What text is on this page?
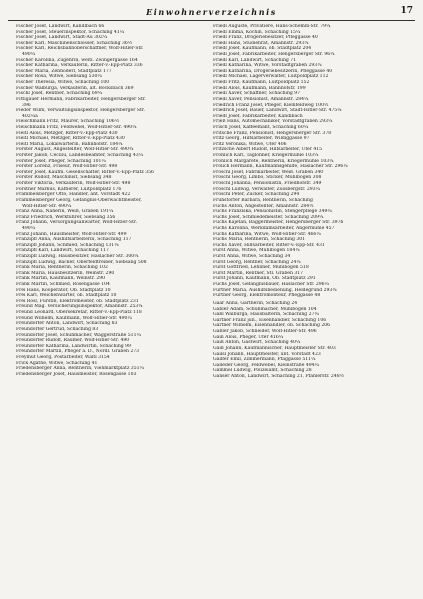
Einwohnerverzeichnis	17
Fischer Josef, Landwirt, Kandlbach 66
Fischer Josef, Steuerinspektor, Schaching 41¼
Fischer Josef, Landwirt, Stadt-Au 302¼
Fischer Karl, Maschinenschlosser, Schaching 36½
Fischer Karl, Reichsbahnoberschaffner, Wolf-Hitler-Str.
490¼
Fischer Karolina, Zugehrin, weitl. Zwingergasse 164
Fischer Katharina, Verkäuferin, Ritter-v.-Epp-Platz 336
Fischer Maria, Zehhoderl, Stadtplatz 177
Fischer Rosa, Witwe, Siebsang 530¼
Fischer Theresia, Witwe, Schaching 100
Fischer Walburga, Verkäuferin, alt. Bocksbach 369
Fischl Josef, Rentner, Schaching 69¼
Fittigauer Hermann, Fabrikarbeiter, Hengersberger Str.
396
Fleder Wilm, Verwaltungsinspektor, Hengersberger Str.
402¼a
Fleischmann Fritz, Maurer, Schaching 106½
Fleischmann Fritz, Feldwebel, Wolf-Hitler-Str. 490¼
Fleitl Alois, Metzger, Ritter-v.-Epp-Platz 430
Fleitl Michael, Metzger, Ritter-v.-Epp-Platz 430
Fleitl Maria, Lokalwarterin, Bahnhofstr. 184¼
Forster August, Angestellter, Wolf-Hitler-Str. 490¾
Forster Jakob, Ceciliu, Landesbeamter, Schaching 43¼
Forster Josef, Pfleger, Schaching 101¼
Forster Lorenz, Friseur, Wolf-Hitler-Str. 498
Forster Josef, Kaufm. Gesellschafter, Ritter-v.-Epp-Platz 356
Forster Rudolf, Maschinist, Siebsang 348
Forster Viktoria, Verkäuferin, Wolf-Hitler-Str. 498
Forstner Markus, Kaffierer, Luitpoldplatz 176
Frammelsberger Otto, Händler, ant. Vorstadt 422
Frammelsberger Georg, Gefängnis-Oberwachtmeister,
Wolf-Hitler-Str. 490¼
Franz Anna, Näherin, Weiß, Graben 191¼
Franz Friedrich, Werkführer, Siebsang 356
Franz Johann, Versorgungsanwärter, Wolf-Hitler-Str.
490¼
Franz Johann, Hausmeister, Wolf-Hitler-Str. 499
Franzipfl Anna, Aushilfsarbeiterin, Schaching 117
Franzipfl Johann, Schmied, Schaching 131¼
Franzipfl Karl, Landwirt, Schaching 117
Franzipfl Ludwig, Hausbesitzer, Haslacher Str. 300¼
Franzipfl Ludwig, Bäcker, Oberfeldtreiber, Siebsang 508
Frank Maria, Rentnerin, Schaching 102
Frank Maria, Hausbesitzerin, Weinstr. 290
Frank Martin, Kaufmann, Weinstr. 290
Frank Martin, Schmied, Rosengasse 104
Frei Hans, Kooperator, Ob. Stadtplatz 10
Frei Karl, Weichenwärter, ob. Stadtplatz 10
Frei Rosl, Fürstin, Elektromeister, ob. Stadtplatz 231
Freund Mag. Versicherungsinspektor, Amannstr. 253¼
Freund Leonard, Obersekretär, Ritter-v.-Epp-Platz 118
Freund Wilhelm, Kaufmann, Wolf-Hitler-Str. 490¼
Freundorfer Anton, Landwirt, Schaching 83
Freundorfer Gertrud, Schaching 83
Freundorfer Josef, Schuhmacher, Waggerstraße 511¼
Freundorfer Rudolf, Raumer, Wolf-Hitler-Str. 490
Freundorfer Katharina, Landwirtin, Schaching 99
Freundorfer Martin, Pfleger a. D., Nördl. Graben 273
Freymut Georg, Postarbeiter, Waltl 3154
Frick Agathe, Witwe, Schaching 41
Friedensberger Anna, Rentnerin, Viehmarktplatz 351¼
Friedensberger Josef, Hausmeister, Rosengasse 103
Friedl Auguste, Privatiere, Hans-Schemm-Str. 79¼
Friedl Emma, Köchin, Schaching 15¼
Friedl Franz, Drogeriebesitzer, Pfleggasse 40
Friedl Hans, Studienrat, Amannstr. 293¼
Friedl Josef, Kaufmann, ob. Stadtplatz 204
Friedl Josef, Fabrikarbeiter, Hengersberger Str. 96¼
Friedl Karl, Landwirt, Schaching 71
Friedl Katharina, Witwe, Vorstadtgräben 293¼
Friedl Katharina, Drogeriebesitzerin, Pfleggasse 40
Friedl Michael, Lagerverwalter, Luitpoldplatz 112
Friedl Fritz, Kaufmann, Luitpoldplatz 152
Friedl Alois, Kaufmann, Bahnhofstr. 199
Friedl Xaver, Schaffner, Schaching 97
Friedl Xaver, Pensionist, Amannstr. 284¼
Friedrich Franz Josef, Pfleger, Kleinfeldweg 100½
Friedrich Josef, Bauer, Landwirt, Stadt-Hitler-Str. 475¼
Friedl Josef, Fabrikarbeiter, Kandlbach
Frieß Hans, Automechaniker, Vorstadtgraben 293¼
Frisch Josef, Kaffeemant, Schaching 60¼
Fritsche Franz, Pensionist, Hengersberger Str. 378
Fritz Georg, Hilfsarbeiter, Wildiggasse 97
Fritz Veronika, Witwe, Ufer 406
Fritzsche Albert Rudolf, Hilfsarbeiter, Ufer 415
Fröhlich Karl, Taglöhner, Kriegermühle 103¼
Fröhlich Margarete, Rentnerin, Kriegermühle 103¼
Frölich Hermann, Kaufmannsgehilfe, Haslacher Str. 296¼
Fröschl Josef, Fabrikarbeiter, Weiß. Graben 340
Fröschl Georg, Limbo, Sticker, Mühlbogen 308
Fröschl Johanna, Pensionistin, Friedhofstr. 349
Fröschl Ludwig, Verwalter, Zussbergstr. 293¼
Fröschl Peter, Zucker, Schaching 294
Frühstorfer Barbara, Rentnerin, Schaching
Fuchs Anton, Angestellter, Amannstr. 284½
Fuchs Franziska, Pensionistin, Stengerpflege 349¼
Fuchs Josef, Schmiedemeister, Schaching 209¼
Fuchs Kajetan, Baggermeister, Hengersberger Str. 397b
Fuchs Karolina, Werkdamsarbeiter, Angermühle 457
Fuchs Katharina, Witwe, Wolf-Hitler-Str. 466¼
Fuchs Maria, Rentnerin, Schaching 301
Fuchs Xaver, Hilfsarbeiter, Ritter-v.-Epp-Str. 431
Fürst Anna, Witwe, Mühlbogen 184¼
Fürst Anna, Witwe, Schaching 34
Fürst Georg, Rentner, Schaching 24¼
Fürst Gottfried, Lehnner, Mühlbogen 518
Fürst Martin, Rentner, Stl. Graben 317
Fürst Johann, Kaufmann, Ob. Stadtplatz 291
Fuchs Josef, Gefängnisbauer, Haslacher Str. 296¼
Furtner Maria, Aushilfsbedienung, Heldegrund 293¼
Furtner Georg, Elektromonteur, Pfleggasse 48
Gaar Anna, Gärtnerin, Schaching 24
Gabler Adam, Schuhmacher, Mühlbogen 104
Gabl Walburga, Hausbälterin, Schaching 27¼
Gärtner Franz jun., Eisenhändler, Schaching 106
Gärtner Wilhelm, Eisenhändler, ob. Schaching 206
Gäßler Jakob, Schneider, Wolf-Hitler-Str. 496
Gain Alois, Pfleger, Ufer 416¼
Gaiß Anton, Gastwirt, Schaching 40¼
Gaiß Johann, Kaufmännischer, Hauptmeister Str. 403
Gailsl Johann, Hauptmeister, unt. Vorstadt 423
Gailfer Emil, Zimmermann, Pfaggasse 511¼
Galleder Georg, Feldwebel, Kleinstraße 494¼
Gammel Ludwig, Polizeiamt, Schaching 28
Ganser Anton, Landwirt, Schaching 21, Pfahlerstr. 248½
